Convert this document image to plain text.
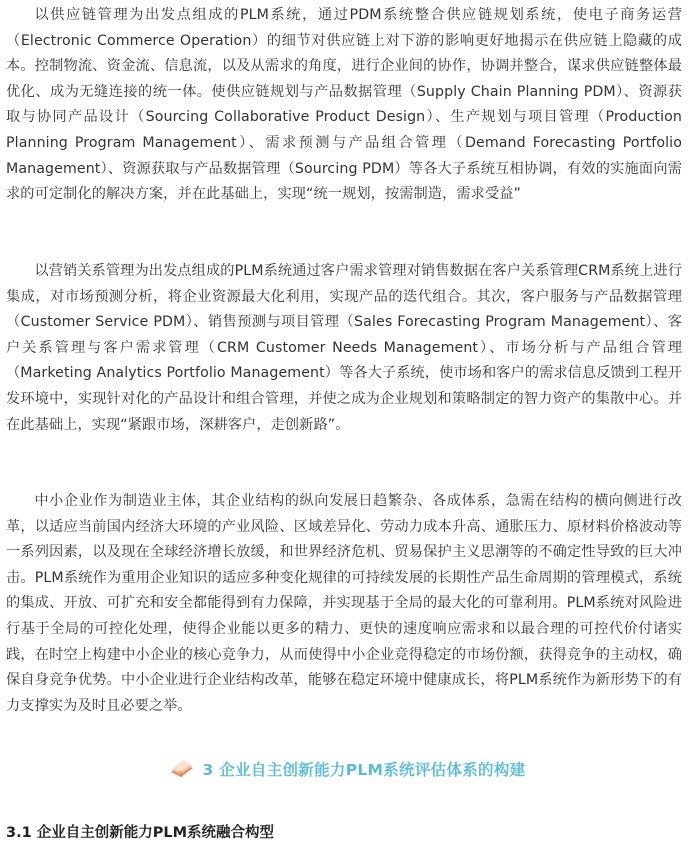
以供应链管理为出发点组成的PLM系统，通过PDM系统整合供应链规划系统，使电子商务运营（Electronic Commerce Operation）的细节对供应链上对下游的影响更好地揭示在供应链上隐藏的成本。控制物流、资金流、信息流，以及从需求的角度，进行企业间的协作，协调并整合，谋求供应链整体最优化、成为无缝连接的统一体。使供应链规划与产品数据管理（Supply Chain Planning PDM）、资源获取与协同产品设计（Sourcing Collaborative Product Design）、生产规划与项目管理（Production Planning Program Management）、需求预测与产品组合管理（Demand Forecasting Portfolio Management）、资源获取与产品数据管理（Sourcing PDM）等各大子系统互相协调，有效的实施面向需求的可定制化的解决方案，并在此基础上，实现“统一规划，按需制造，需求受益”

以营销关系管理为出发点组成的PLM系统通过客户需求管理对销售数据在客户关系管理CRM系统上进行集成，对市场预测分析，将企业资源最大化利用，实现产品的迭代组合。其次，客户服务与产品数据管理（Customer Service PDM）、销售预测与项目管理（Sales Forecasting Program Management）、客户关系管理与客户需求管理（CRM Customer Needs Management）、市场分析与产品组合管理（Marketing Analytics Portfolio Management）等各大子系统，使市场和客户的需求信息反馈到工程开发环境中，实现针对化的产品设计和组合管理，并使之成为企业规划和策略制定的智力资产的集散中心。并在此基础上，实现“紧跟市场，深耕客户，走创新路”。

中小企业作为制造业主体，其企业结构的纵向发展日趋繁杂、各成体系，急需在结构的横向侧进行改革，以适应当前国内经济大环境的产业风险、区域差异化、劳动力成本升高、通胀压力、原材料价格波动等一系列因素，以及现在全球经济增长放缓，和世界经济危机、贸易保护主义思潮等的不确定性导致的巨大冲击。PLM系统作为重用企业知识的适应多种变化规律的可持续发展的长期性产品生命周期的管理模式，系统的集成、开放、可扩充和安全都能得到有力保障，并实现基于全局的最大化的可靠利用。PLM系统对风险进行基于全局的可控化处理，使得企业能以更多的精力、更快的速度响应需求和以最合理的可控代价付诸实践，在时空上构建中小企业的核心竞争力，从而使得中小企业竞得稳定的市场份额，获得竞争的主动权，确保自身竞争优势。中小企业进行企业结构改革，能够在稳定环境中健康成长，将PLM系统作为新形势下的有力支撑实为及时且必要之举。

3 企业自主创新能力PLM系统评估体系的构建
3.1 企业自主创新能力PLM系统融合构型
